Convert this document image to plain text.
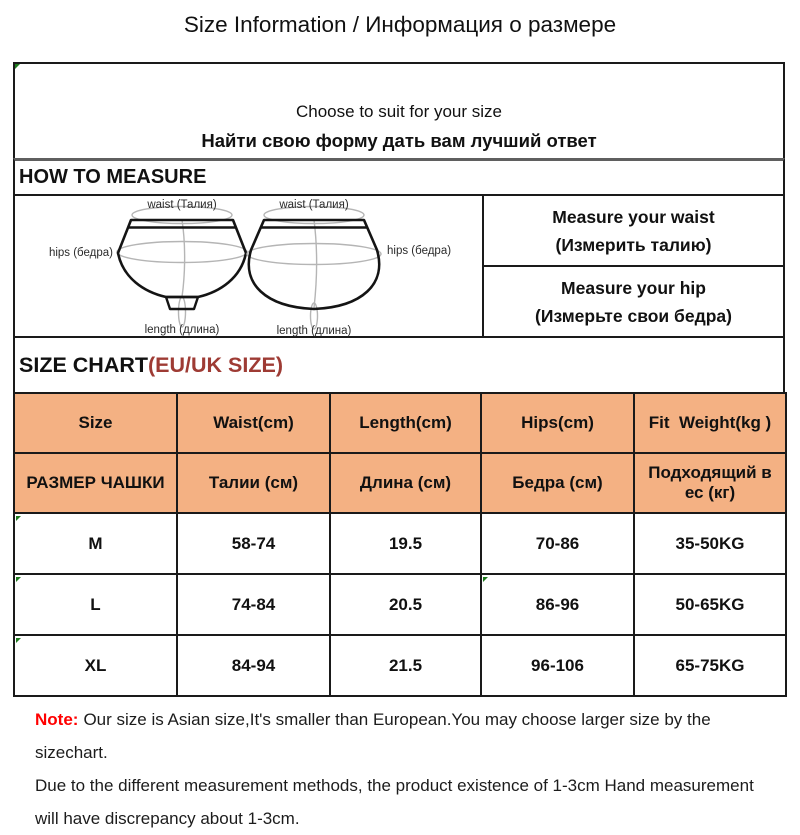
Size Information / Информация о размере
Choose to suit for your size
Найти свою форму дать вам лучший ответ
HOW TO MEASURE
waist (Талия)	waist (Талия)
hips (бедра)	hips (бедра)
length (длина)	length (длина)
Measure your waist
(Измерить талию)
Measure your hip
(Измерьте свои бедра)
SIZE CHART (EU/UK SIZE)
Size	Waist(cm)	Length(cm)	Hips(cm)	Fit  Weight(kg )
РАЗМЕР ЧАШКИ	Талии (см)	Длина (см)	Бедра (см)	Подходящий в ес (кг)
M	58-74	19.5	70-86	35-50KG
L	74-84	20.5	86-96	50-65KG
XL	84-94	21.5	96-106	65-75KG
Note: Our size is Asian size,It's smaller than European.You may choose larger size by the sizechart.
Due to the different measurement methods, the product existence of 1-3cm Hand measurement
will have discrepancy about 1-3cm.
